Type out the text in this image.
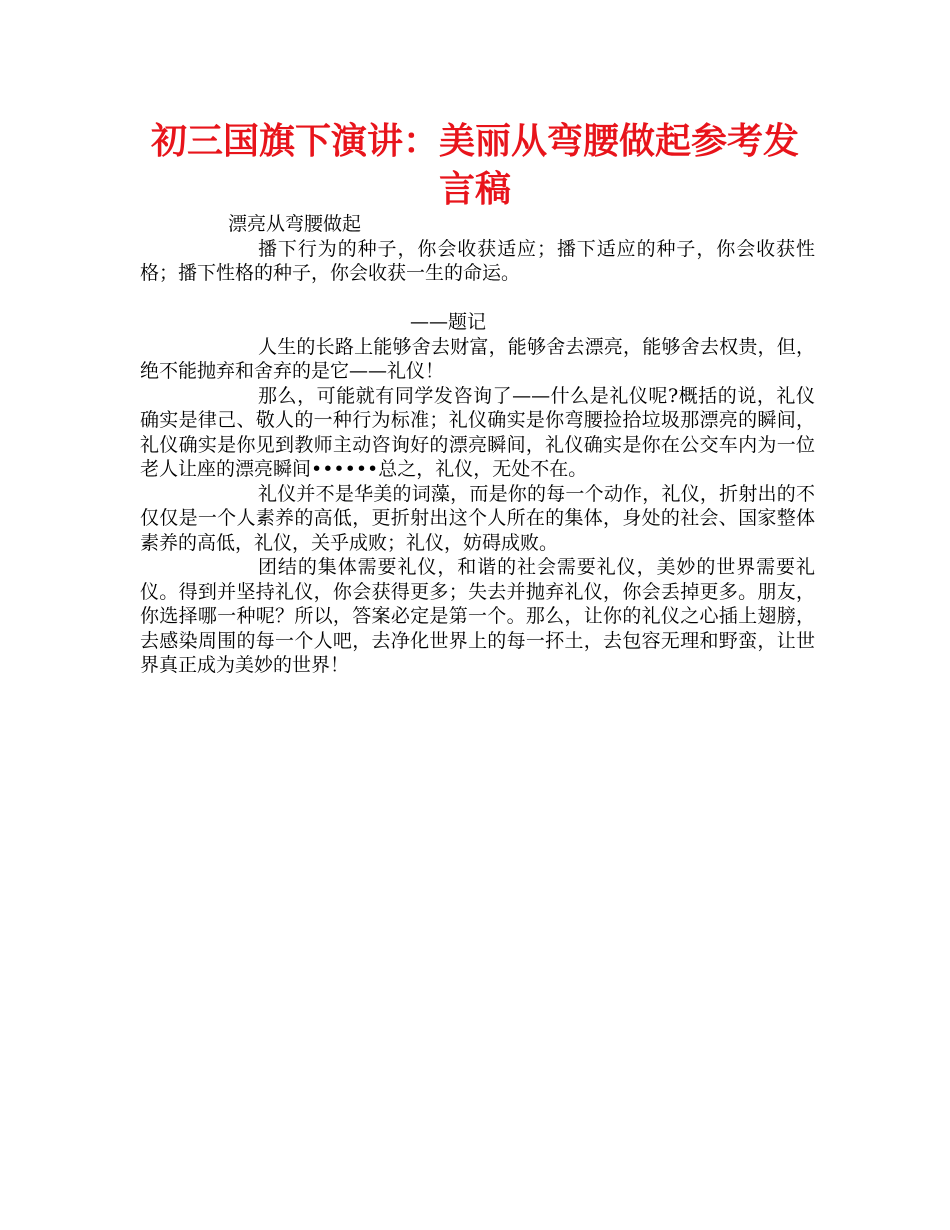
初三国旗下演讲：美丽从弯腰做起参考发言稿

漂亮从弯腰做起

播下行为的种子，你会收获适应；播下适应的种子，你会收获性格；播下性格的种子，你会收获一生的命运。

——题记

人生的长路上能够舍去财富，能够舍去漂亮，能够舍去权贵，但，绝不能抛弃和舍弃的是它——礼仪！

那么，可能就有同学发咨询了——什么是礼仪呢?概括的说，礼仪确实是律己、敬人的一种行为标准；礼仪确实是你弯腰捡拾垃圾那漂亮的瞬间，礼仪确实是你见到教师主动咨询好的漂亮瞬间，礼仪确实是你在公交车内为一位老人让座的漂亮瞬间••••••总之，礼仪，无处不在。

礼仪并不是华美的词藻，而是你的每一个动作，礼仪，折射出的不仅仅是一个人素养的高低，更折射出这个人所在的集体，身处的社会、国家整体素养的高低，礼仪，关乎成败；礼仪，妨碍成败。

团结的集体需要礼仪，和谐的社会需要礼仪，美妙的世界需要礼仪。得到并坚持礼仪，你会获得更多；失去并抛弃礼仪，你会丢掉更多。朋友，你选择哪一种呢？所以，答案必定是第一个。那么，让你的礼仪之心插上翅膀，去感染周围的每一个人吧，去净化世界上的每一抔土，去包容无理和野蛮，让世界真正成为美妙的世界！
